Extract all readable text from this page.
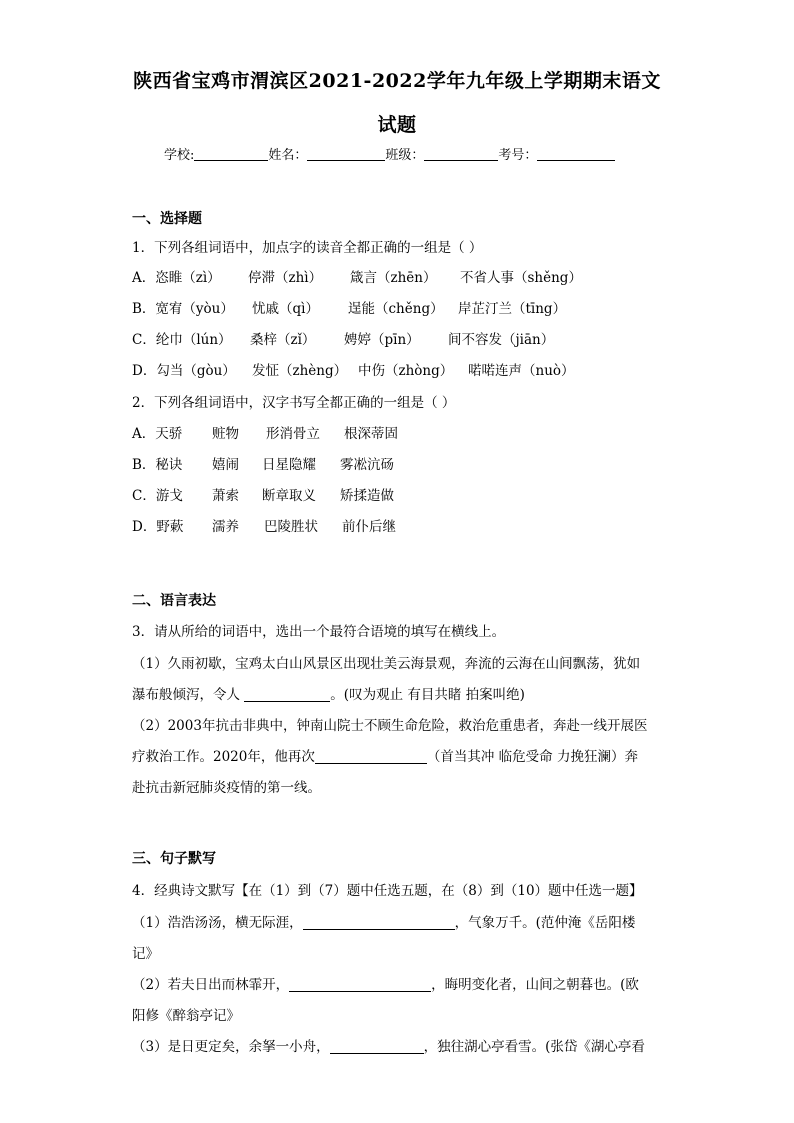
陕西省宝鸡市渭滨区2021-2022学年九年级上学期期末语文
试题
学校:	姓名：	班级：	考号：
一、选择题
1．下列各组词语中，加点字的读音全都正确的一组是（ ）
A．恣睢（zì） 停滞（zhì） 箴言（zhēn） 不省人事（shěng）
B．宽宥（yòu） 忧戚（qì） 逞能（chěng） 岸芷汀兰（tīng）
C．纶巾（lún） 桑梓（zǐ） 娉婷（pīn） 间不容发（jiān）
D．勾当（gòu） 发怔（zhèng） 中伤（zhòng） 喏喏连声（nuò）
2．下列各组词语中，汉字书写全都正确的一组是（ ）
A．天骄 赃物 形消骨立 根深蒂固
B．秘诀 嬉闹 日星隐耀 雾凇沆砀
C．游戈 萧索 断章取义 矫揉造做
D．野蔌 濡养 巴陵胜状 前仆后继
二、语言表达
3．请从所给的词语中，选出一个最符合语境的填写在横线上。
（1）久雨初歇，宝鸡太白山风景区出现壮美云海景观，奔流的云海在山间飘荡，犹如
瀑布般倾泻，令人	。(叹为观止 有目共睹 拍案叫绝)
（2）2003年抗击非典中，钟南山院士不顾生命危险，救治危重患者，奔赴一线开展医
疗救治工作。2020年，他再次	（首当其冲 临危受命 力挽狂澜）奔
赴抗击新冠肺炎疫情的第一线。
三、句子默写
4．经典诗文默写【在（1）到（7）题中任选五题，在（8）到（10）题中任选一题】
（1）浩浩汤汤，横无际涯，	，气象万千。(范仲淹《岳阳楼
记》
（2）若夫日出而林霏开，	，晦明变化者，山间之朝暮也。(欧
阳修《醉翁亭记》
（3）是日更定矣，余拏一小舟，	，独往湖心亭看雪。(张岱《湖心亭看
